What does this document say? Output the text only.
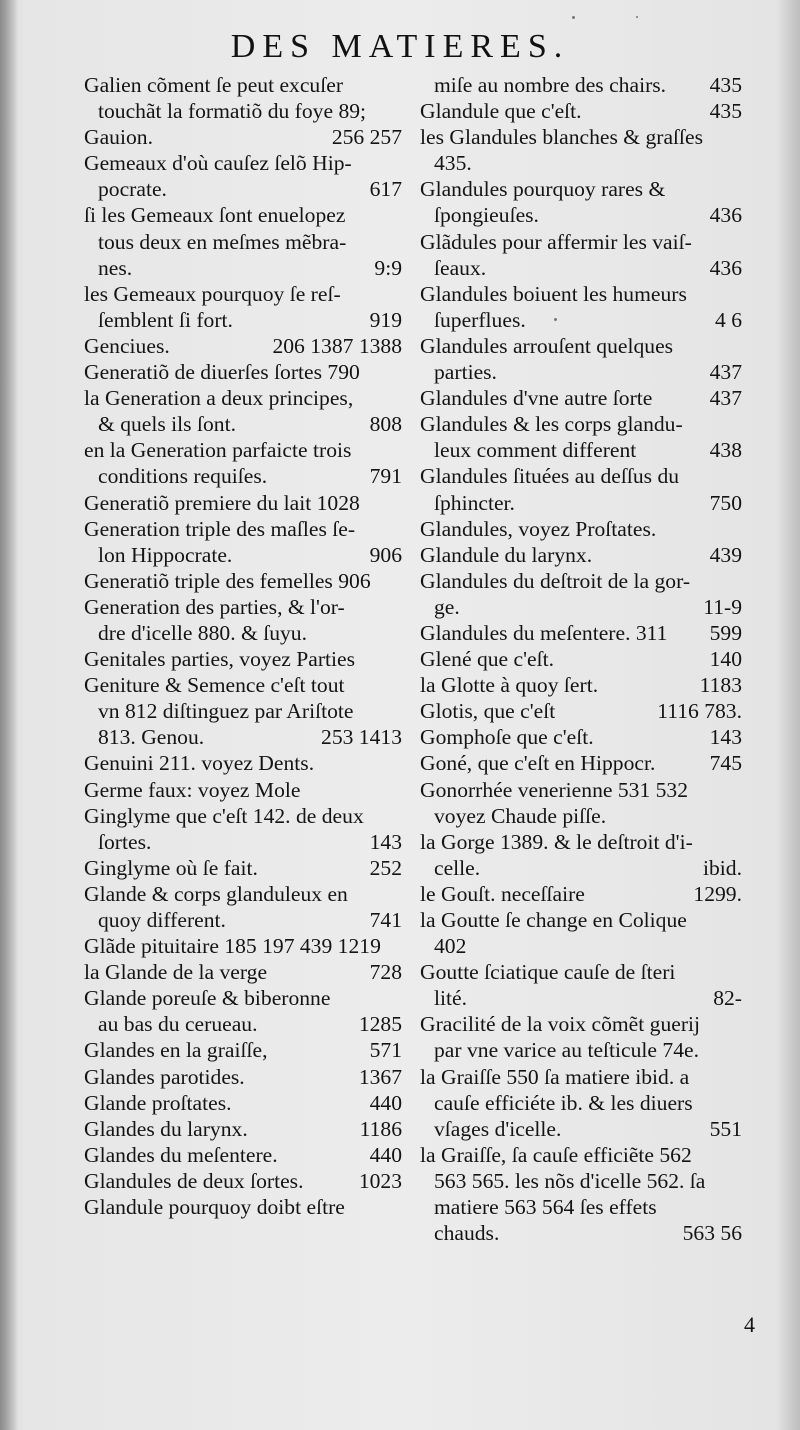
DES MATIERES.
Galien cõment ſe peut excuſer
touchãt la formatiõ du foye 89;
Gauion.	256 257
Gemeaux d'où cauſez ſelõ Hip-
pocrate.	617
ſi les Gemeaux ſont enuelopez
tous deux en meſmes mẽbra-
nes.	9:9
les Gemeaux pourquoy ſe reſ-
ſemblent ſi fort.	919
Genciues.	206 1387 1388
Generatiõ de diuerſes ſortes 790
la Generation a deux principes,
& quels ils ſont.	808
en la Generation parfaicte trois
conditions requiſes.	791
Generatiõ premiere du lait 1028
Generation triple des maſles ſe-
lon Hippocrate.	906
Generatiõ triple des femelles 906
Generation des parties, & l'or-
dre d'icelle 880. & ſuyu.
Genitales parties, voyez Parties
Geniture & Semence c'eſt tout
vn 812 diſtinguez par Ariſtote
813. Genou.	253 1413
Genuini 211. voyez Dents.
Germe faux: voyez Mole
Ginglyme que c'eſt 142. de deux
ſortes.	143
Ginglyme où ſe fait.	252
Glande & corps glanduleux en
quoy different.	741
Glãde pituitaire 185 197 439 1219
la Glande de la verge	728
Glande poreuſe & biberonne
au bas du cerueau.	1285
Glandes en la graiſſe,	571
Glandes parotides.	1367
Glande proſtates.	440
Glandes du larynx.	1186
Glandes du meſentere.	440
Glandules de deux ſortes.	1023
Glandule pourquoy doibt eſtre
miſe au nombre des chairs. 435
Glandule que c'eſt.	435
les Glandules blanches & graſſes
435.
Glandules pourquoy rares &
ſpongieuſes.	436
Glãdules pour affermir les vaiſ-
ſeaux.	436
Glandules boiuent les humeurs
ſuperflues.	4 6
Glandules arrouſent quelques
parties.	437
Glandules d'vne autre ſorte	437
Glandules & les corps glandu-
leux comment different	438
Glandules ſituées au deſſus du
ſphincter.	750
Glandules, voyez Proſtates.
Glandule du larynx.	439
Glandules du deſtroit de la gor-
ge.	11-9
Glandules du meſentere. 311 599
Glené que c'eſt.	140
la Glotte à quoy ſert.	1183
Glotis, que c'eſt	1116 783.
Gomphoſe que c'eſt.	143
Goné, que c'eſt en Hippocr.	745
Gonorrhée venerienne 531 532
voyez Chaude piſſe.
la Gorge 1389. & le deſtroit d'i-
celle.	ibid.
le Gouſt. neceſſaire	1299.
la Goutte ſe change en Colique
402
Goutte ſciatique cauſe de ſteri
lité.	82-
Gracilité de la voix cõmẽt guerij
par vne varice au teſticule 74e.
la Graiſſe 550 ſa matiere ibid. a
cauſe efficiéte ib. & les diuers
vſages d'icelle.	551
la Graiſſe, ſa cauſe efficiẽte 562
563 565. les nõs d'icelle 562. ſa
matiere 563 564 ſes effets
chauds.	563 56
4
